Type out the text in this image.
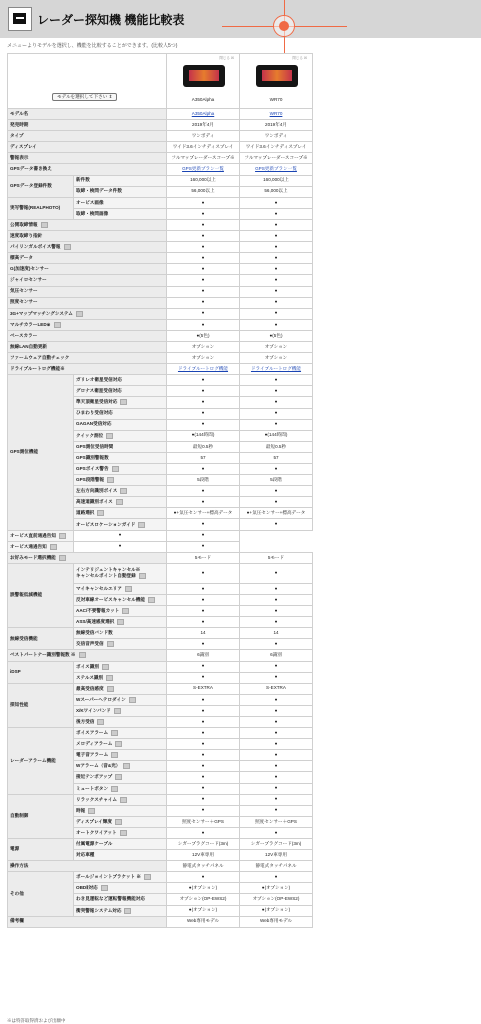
レーダー探知機 機能比較表
メニューよりモデルを選択し、機能を比較することができます。(比較人5つ)
モデルを選択して下さい ⇕		閉じる ☒
A350Alpha	閉じる ☒
WR70

モデル名		A350Alpha	WR70
発売時期		2019年4月	2019年4月
タイプ		ワンボディ	ワンボディ
ディスプレイ		ワイド3.6インチディスプレイ	ワイド3.6インチディスプレイ
警報表示		フルマップレーダースコープ※	フルマップレーダースコープ※
GPSデータ書き換え		GPS更新プラン一覧	GPS更新プラン一覧
GPSデータ登録件数	新件数	160,000以上	160,000以上
	取締・検問データ件数	56,000以上	56,000以上
実写警報(REALPHOTO)	オービス画像	●	●
	取締・検問画像	●	●
公開取締情報		●	●
速度取締り指針		●	●
パイリンガルボイス警報		●	●
標高データ		●	●
G(加速度)センサー		●	●
ジャイロセンサー		●	●
気圧センサー		●	●
照度センサー		●	●
3G+マップマッチングシステム		●	●
マルチカラーLED※		●	●
ベースカラー		●(5色)	●(5色)
無線LAN自動更新		オプション	オプション
ファームウェア自動チェック		オプション	オプション
ドライブルートログ機能※		ドライブルートログ機能	ドライブルートログ機能
GPS測位機能	ガリレオ衛星受信対応	●	●
	グロナス衛星受信対応	●	●
	準天頂衛星受信対応	●	●
	ひまわり受信対応	●	●
	GAGAN受信対応	●	●
	クイック測位	●(144時間)	●(144時間)
	GPS測位受信時間	最短0.5秒	最短0.5秒
	GPS識別警報数	57	57
	GPSボイス警告	●	●
	GPS段階警報	5段階	5段階
	左右方向識別ボイス	●	●
	高速道識別ボイス	●	●
	道路選択	●+気圧センサー+標高データ	●+気圧センサー+標高データ
	オービスロケーションガイド	●	●
オービス直前通過告知	●	●	
オービス通過告知	●	●	
お好みモード選択機能		5モード	5モード
誤警報低減機能	インテリジェントキャンセル※
キャンセルポイント自動登録	●	●
	マイキャンセルエリア	●	●
	反対車線オービスキャンセル機能	●	●
	AAC/不要警報カット	●	●
	ASS/高速感度選択	●	●
無線受信機能	無線受信バンド数	14	14
	交信音声受信	●	●
ベストパートナー識別警報数 ※		6識別	6識別
iDSP	ボイス識別	●	●
	ステルス識別	●	●
探知性能	最高受信感度	S-EXTRA	S-EXTRA
	Wスーパーヘテロダイン	●	●
	X/Kワインバンド	●	●
	後方受信	●	●
レーダーアラーム機能	ボイスアラーム	●	●
	メロディアラーム	●	●
	電子音アラーム	●	●
	Wアラーム（音&光）	●	●
	接近テンポアップ	●	●
	ミュートボタン	●	●
自動制御	リラックスチャイム	●	●
	時報	●	●
	ディスプレイ輝度	照度センサー＋GPS	照度センサー＋GPS
	オートクワイアット	●	●
電源	付属電源ケーブル	シガープラグコード(3m)	シガープラグコード(3m)
	対応車種	12V車専用	12V車専用
操作方法		静電式タッチパネル	静電式タッチパネル
その他	ポールジョイントブラケット ※	●	●
	OBDⅡ対応	●(オプション)	●(オプション)
	わき見運転など運転警報機能対応	オプション(OP-EWS2)	オプション(OP-EWS2)
	衝突警報システム対応	●(オプション)	●(オプション)
備考欄		Web専用モデル	Web専用モデル
※は特許取得済および出願中
